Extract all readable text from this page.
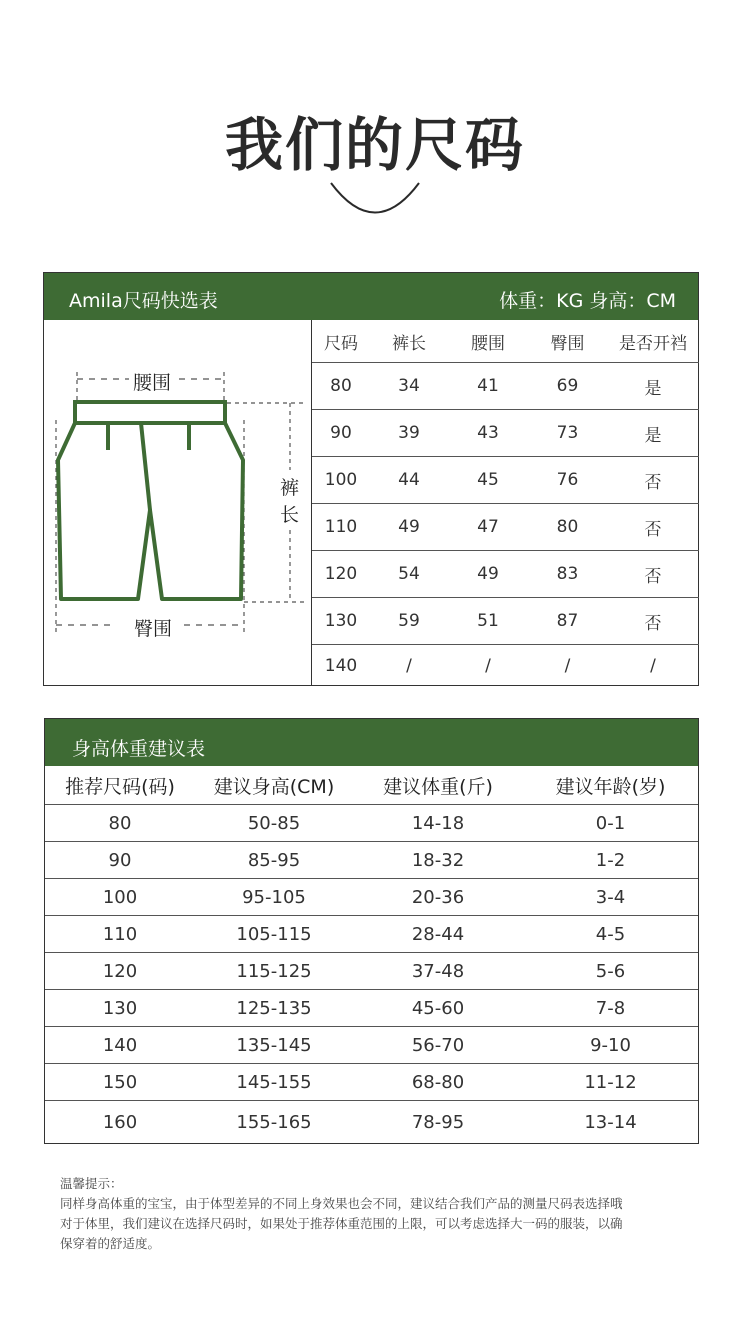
我们的尺码
Amila尺码快选表	体重：KG 身高：CM
腰围
裤
长
臀围
尺码	裤长	腰围	臀围	是否开裆
80	34	41	69	是
90	39	43	73	是
100	44	45	76	否
110	49	47	80	否
120	54	49	83	否
130	59	51	87	否
140	/	/	/	/
身高体重建议表
推荐尺码(码)	建议身高(CM)	建议体重(斤)	建议年龄(岁)
80	50-85	14-18	0-1
90	85-95	18-32	1-2
100	95-105	20-36	3-4
110	105-115	28-44	4-5
120	115-125	37-48	5-6
130	125-135	45-60	7-8
140	135-145	56-70	9-10
150	145-155	68-80	11-12
160	155-165	78-95	13-14

温馨提示：

同样身高体重的宝宝，由于体型差异的不同上身效果也会不同，建议结合我们产品的测量尺码表选择哦

对于体里，我们建议在选择尺码时，如果处于推荐体重范围的上限，可以考虑选择大一码的服装，以确

保穿着的舒适度。
